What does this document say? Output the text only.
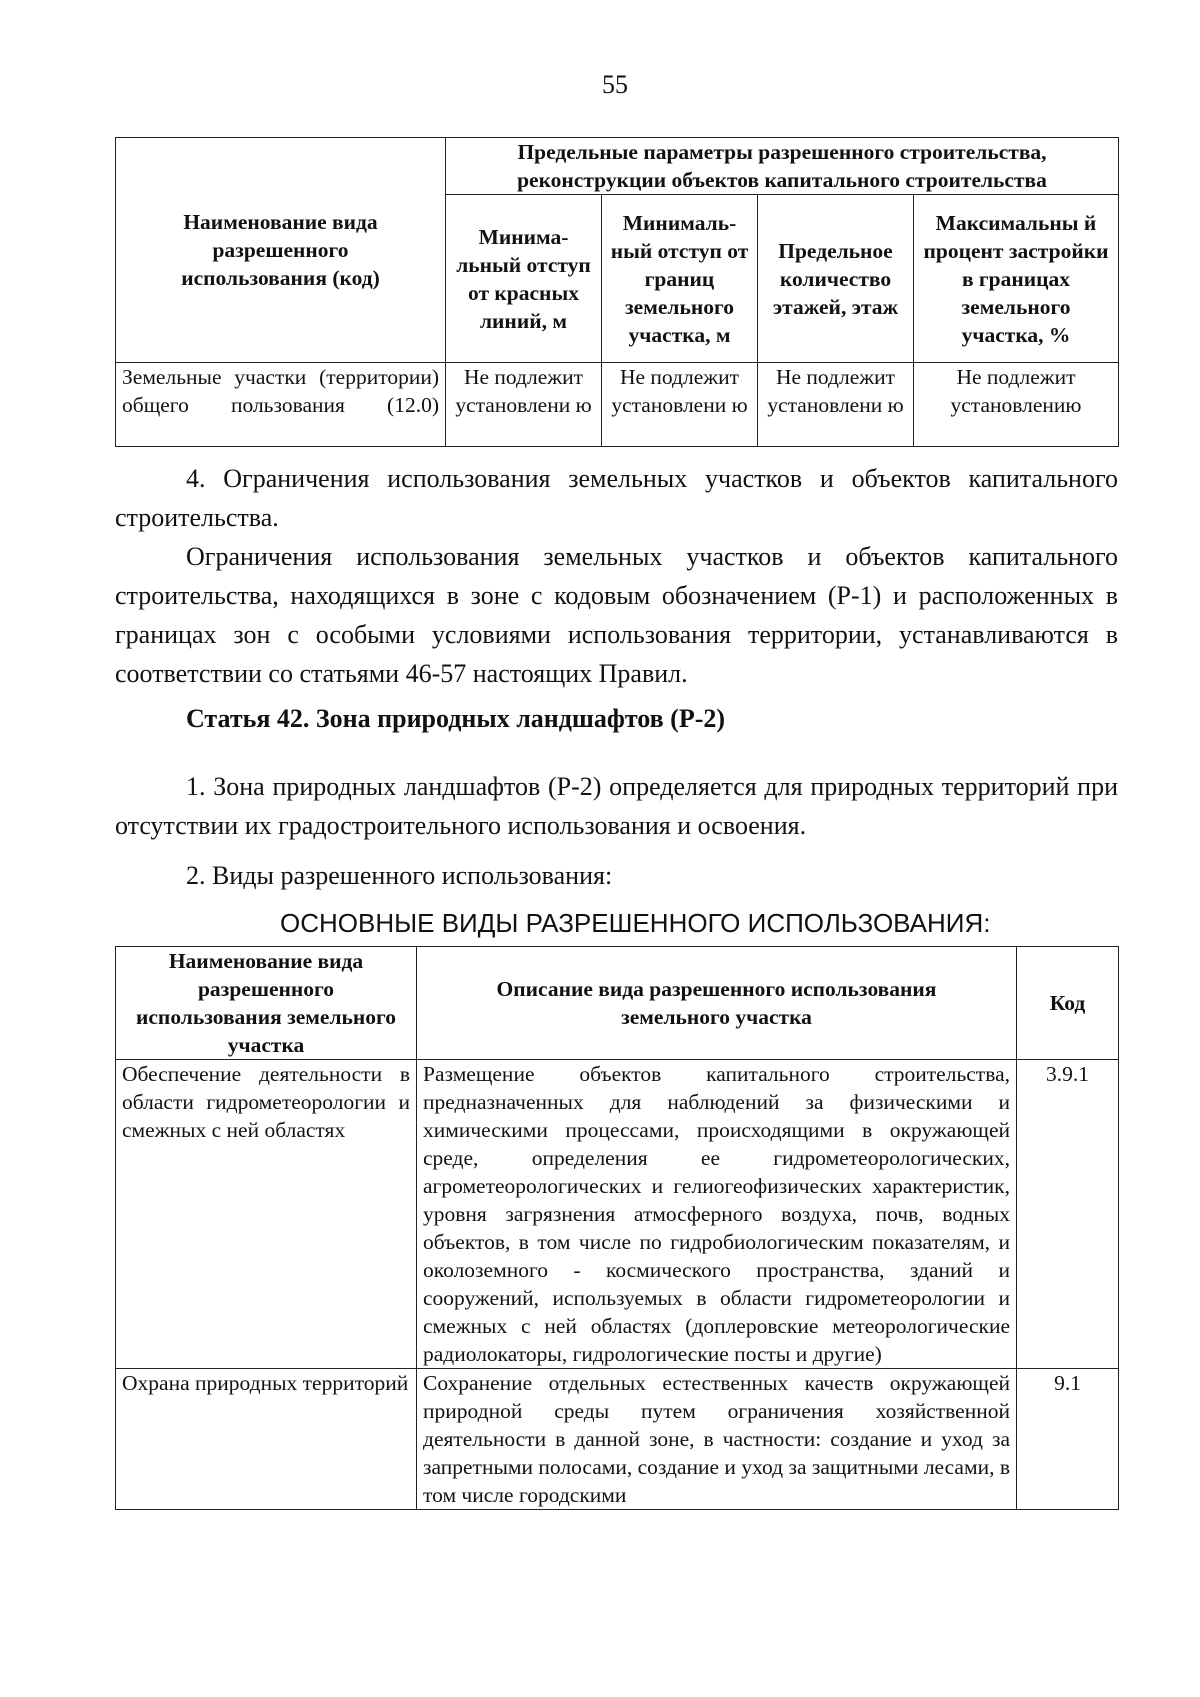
55
Наименование вида разрешенного использования (код)	Предельные параметры разрешенного строительства, реконструкции объектов капитального строительства			
	Минима-льный отступ от красных линий, м	Минималь-ный отступ от границ земельного участка, м	Предельное количество этажей, этаж	Максимальны й процент застройки в границах земельного участка, %
Земельные участки (территории) общего пользования (12.0)	Не подлежит установлени ю	Не подлежит установлени ю	Не подлежит установлени ю	Не подлежит установлению
4. Ограничения использования земельных участков и объектов капитального строительства.
Ограничения использования земельных участков и объектов капитального строительства, находящихся в зоне с кодовым обозначением (Р-1) и расположенных в границах зон с особыми условиями использования территории, устанавливаются в соответствии со статьями 46-57 настоящих Правил.
Статья 42. Зона природных ландшафтов (Р-2)
1. Зона природных ландшафтов (Р-2) определяется для природных территорий при отсутствии их градостроительного использования и освоения.
2. Виды разрешенного использования:
ОСНОВНЫЕ ВИДЫ РАЗРЕШЕННОГО ИСПОЛЬЗОВАНИЯ:
Наименование вида разрешенного использования земельного участка	Описание вида разрешенного использования земельного участка	Код
Обеспечение деятельности в области гидрометеорологии и смежных с ней областях	Размещение объектов капитального строительства, предназначенных для наблюдений за физическими и химическими процессами, происходящими в окружающей среде, определения ее гидрометеорологических, агрометеорологических и гелиогеофизических характеристик, уровня загрязнения атмосферного воздуха, почв, водных объектов, в том числе по гидробиологическим показателям, и околоземного - космического пространства, зданий и сооружений, используемых в области гидрометеорологии и смежных с ней областях (доплеровские метеорологические радиолокаторы, гидрологические посты и другие)	3.9.1
Охрана природных территорий	Сохранение отдельных естественных качеств окружающей природной среды путем ограничения хозяйственной деятельности в данной зоне, в частности: создание и уход за запретными полосами, создание и уход за защитными лесами, в том числе городскими	9.1
